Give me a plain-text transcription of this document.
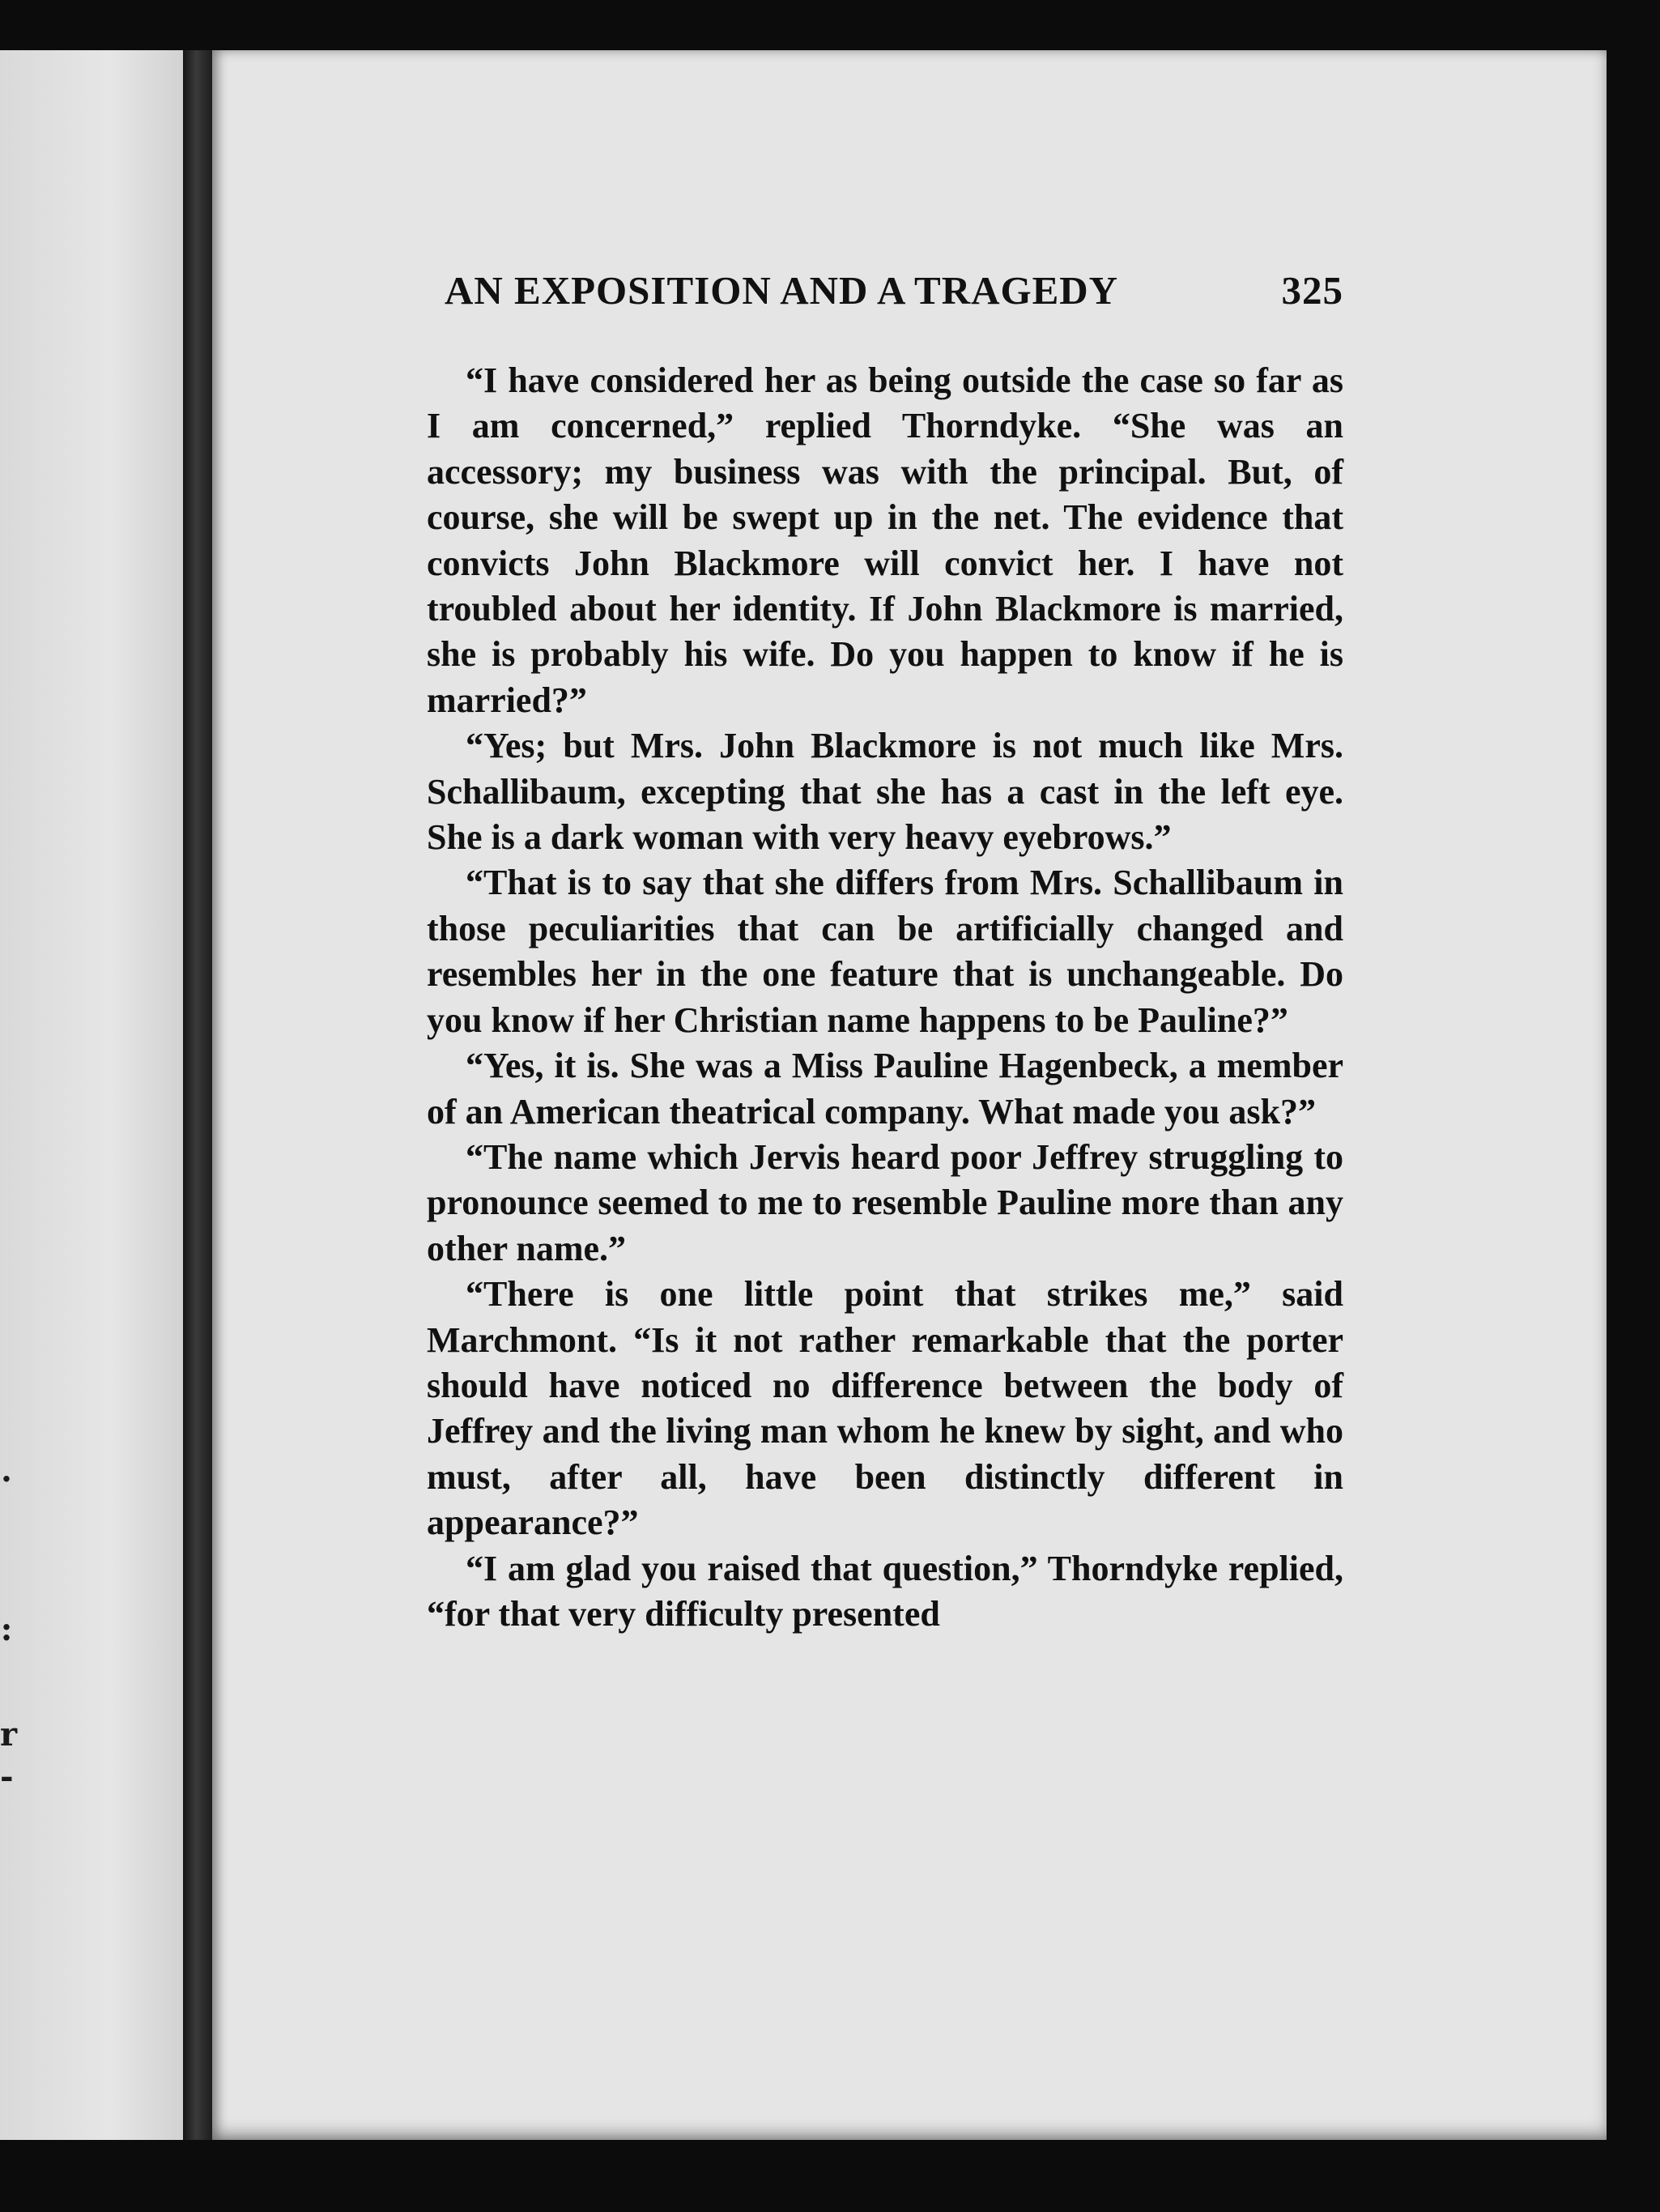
·
:
r
-
AN EXPOSITION AND A TRAGEDY	325

“I have considered her as being outside the case so far as I am concerned,” replied Thorndyke. “She was an accessory; my business was with the principal. But, of course, she will be swept up in the net. The evidence that convicts John Blackmore will convict her. I have not troubled about her identity. If John Blackmore is married, she is probably his wife. Do you happen to know if he is married?”

“Yes; but Mrs. John Blackmore is not much like Mrs. Schallibaum, excepting that she has a cast in the left eye. She is a dark woman with very heavy eyebrows.”

“That is to say that she differs from Mrs. Schallibaum in those peculiarities that can be artificially changed and resembles her in the one feature that is unchangeable. Do you know if her Christian name happens to be Pauline?”

“Yes, it is. She was a Miss Pauline Hagenbeck, a member of an American theatrical company. What made you ask?”

“The name which Jervis heard poor Jeffrey struggling to pronounce seemed to me to resemble Pauline more than any other name.”

“There is one little point that strikes me,” said Marchmont. “Is it not rather remarkable that the porter should have noticed no difference between the body of Jeffrey and the living man whom he knew by sight, and who must, after all, have been distinctly different in appearance?”

“I am glad you raised that question,” Thorndyke replied, “for that very difficulty presented
